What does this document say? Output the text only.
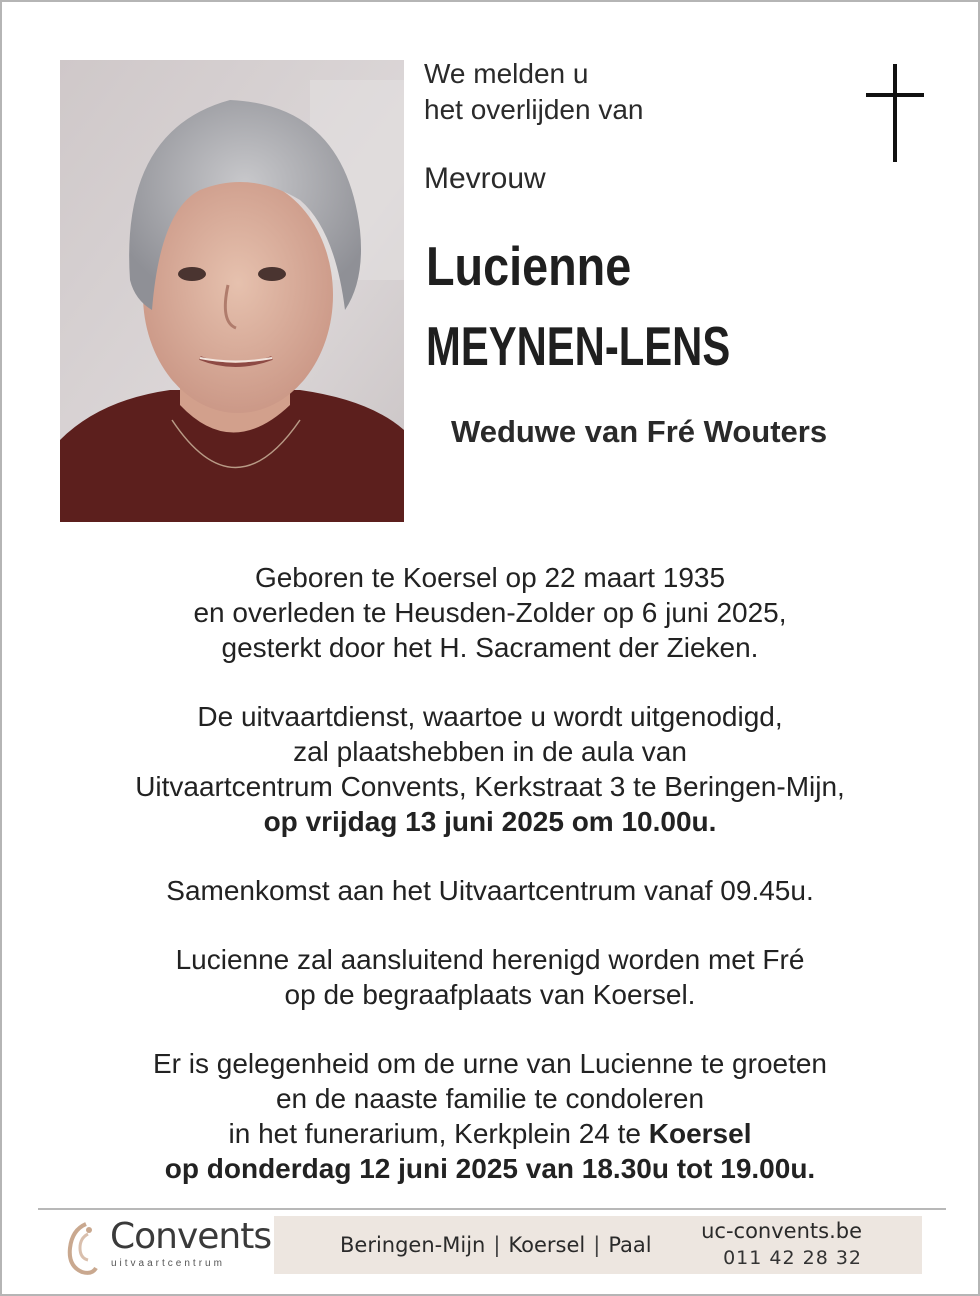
We melden u
het overlijden van
Mevrouw
Lucienne
MEYNEN-LENS
Weduwe van Fré Wouters
Geboren te Koersel op 22 maart 1935
en overleden te Heusden-Zolder op 6 juni 2025,
gesterkt door het H. Sacrament der Zieken.
De uitvaartdienst, waartoe u wordt uitgenodigd,
zal plaatshebben in de aula van
Uitvaartcentrum Convents, Kerkstraat 3 te Beringen-Mijn,
op vrijdag 13 juni 2025 om 10.00u.
Samenkomst aan het Uitvaartcentrum vanaf 09.45u.
Lucienne zal aansluitend herenigd worden met Fré
op de begraafplaats van Koersel.
Er is gelegenheid om de urne van Lucienne te groeten
en de naaste familie te condoleren
in het funerarium, Kerkplein 24 te Koersel
op donderdag 12 juni 2025 van 18.30u tot 19.00u.
Convents
uitvaartcentrum
Beringen-Mijn | Koersel | Paal
uc-convents.be
011 42 28 32
